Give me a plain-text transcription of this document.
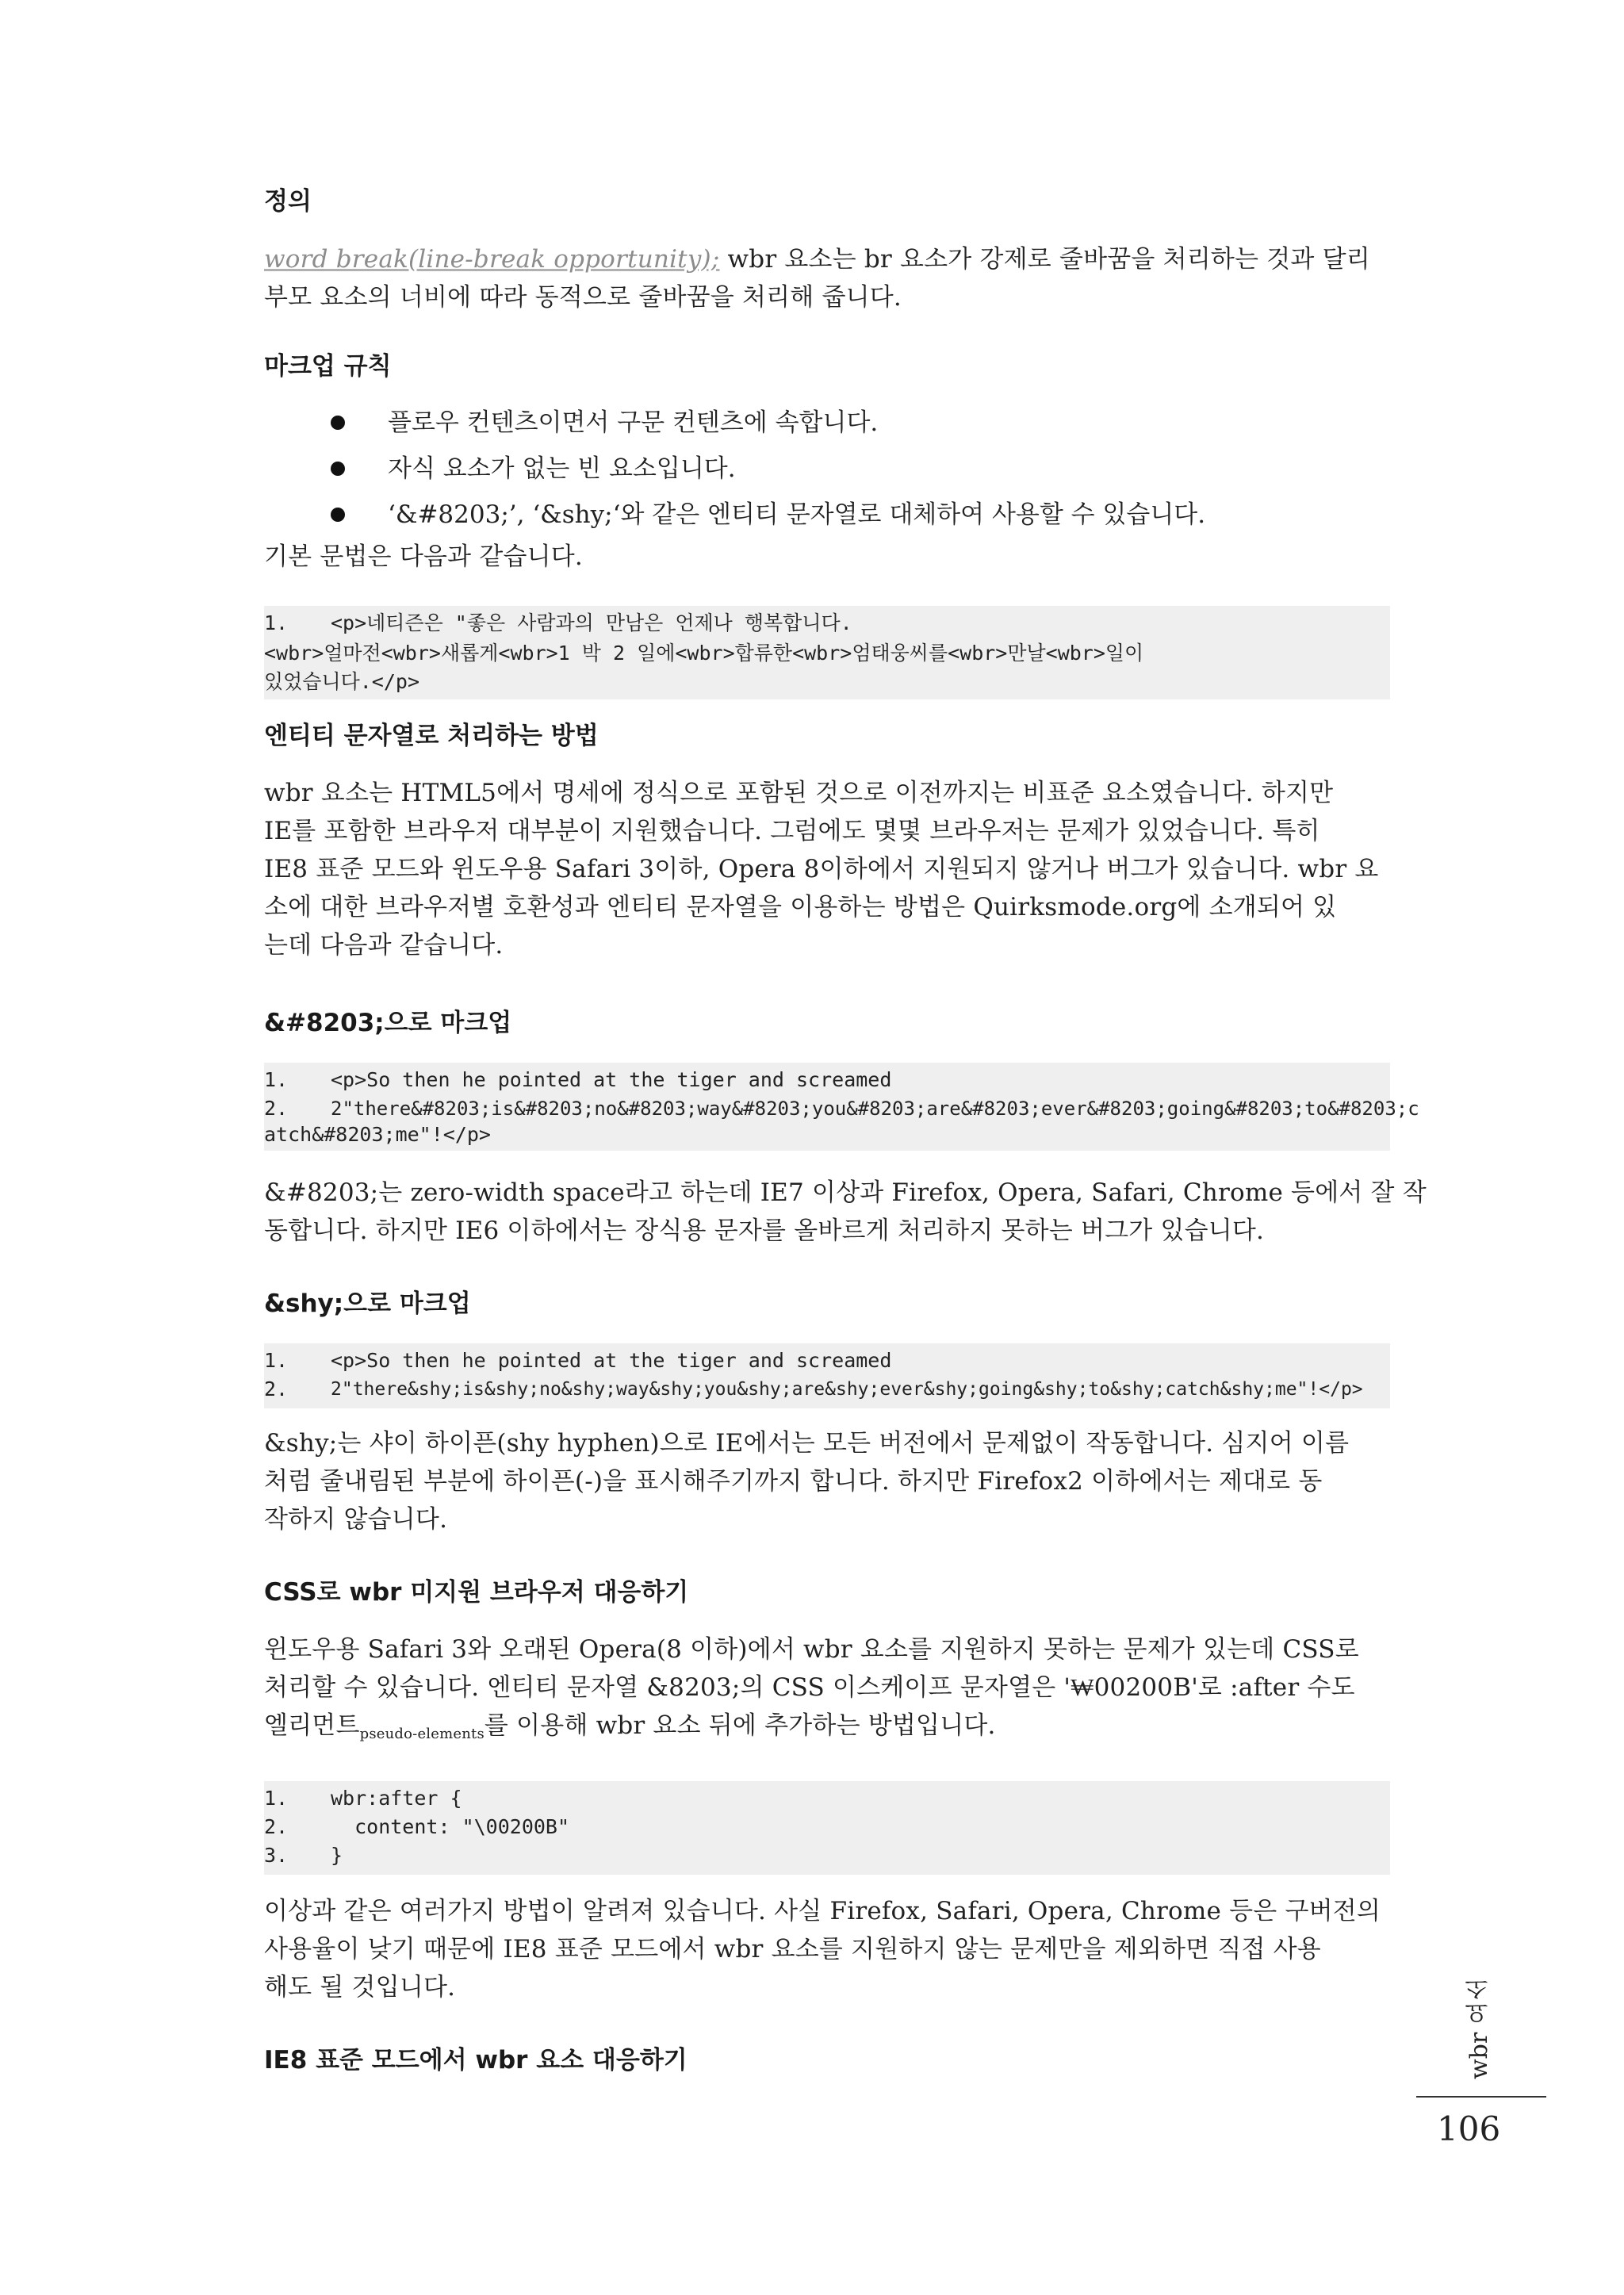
정의

word break(line-break opportunity); wbr 요소는 br 요소가 강제로 줄바꿈을 처리하는 것과 달리

부모 요소의 너비에 따라 동적으로 줄바꿈을 처리해 줍니다.

마크업 규칙
플로우 컨텐츠이면서 구문 컨텐츠에 속합니다.
자식 요소가 없는 빈 요소입니다.
‘&#8203;’, ‘&shy;‘와 같은 엔티티 문자열로 대체하여 사용할 수 있습니다.

기본 문법은 다음과 같습니다.

1.	<p>네티즌은 "좋은 사람과의 만남은 언제나 행복합니다.
<wbr>얼마전<wbr>새롭게<wbr>1 박 2 일에<wbr>합류한<wbr>엄태웅씨를<wbr>만날<wbr>일이
있었습니다.</p>
엔티티 문자열로 처리하는 방법

wbr 요소는 HTML5에서 명세에 정식으로 포함된 것으로 이전까지는 비표준 요소였습니다. 하지만

IE를 포함한 브라우저 대부분이 지원했습니다. 그럼에도 몇몇 브라우저는 문제가 있었습니다. 특히

IE8 표준 모드와 윈도우용 Safari 3이하, Opera 8이하에서 지원되지 않거나 버그가 있습니다. wbr 요

소에 대한 브라우저별 호환성과 엔티티 문자열을 이용하는 방법은 Quirksmode.org에 소개되어 있

는데 다음과 같습니다.

&#8203;으로 마크업
1.	<p>So then he pointed at the tiger and screamed
2.	2"there&#8203;is&#8203;no&#8203;way&#8203;you&#8203;are&#8203;ever&#8203;going&#8203;to&#8203;c
atch&#8203;me"!</p>

&#8203;는 zero-width space라고 하는데 IE7 이상과 Firefox, Opera, Safari, Chrome 등에서 잘 작

동합니다. 하지만 IE6 이하에서는 장식용 문자를 올바르게 처리하지 못하는 버그가 있습니다.

&shy;으로 마크업
1.	<p>So then he pointed at the tiger and screamed
2.	2"there&shy;is&shy;no&shy;way&shy;you&shy;are&shy;ever&shy;going&shy;to&shy;catch&shy;me"!</p>

&shy;는 샤이 하이픈(shy hyphen)으로 IE에서는 모든 버전에서 문제없이 작동합니다. 심지어 이름

처럼 줄내림된 부분에 하이픈(-)을 표시해주기까지 합니다. 하지만 Firefox2 이하에서는 제대로 동

작하지 않습니다.

CSS로 wbr 미지원 브라우저 대응하기

윈도우용 Safari 3와 오래된 Opera(8 이하)에서 wbr 요소를 지원하지 못하는 문제가 있는데 CSS로

처리할 수 있습니다. 엔티티 문자열 &8203;의 CSS 이스케이프 문자열은 '₩00200B'로 :after 수도

엘리먼트$_{pseudo-elements}$를 이용해 wbr 요소 뒤에 추가하는 방법입니다.

1.	wbr:after {
2.	content: "\00200B"
3.	}

이상과 같은 여러가지 방법이 알려져 있습니다. 사실 Firefox, Safari, Opera, Chrome 등은 구버전의

사용율이 낮기 때문에 IE8 표준 모드에서 wbr 요소를 지원하지 않는 문제만을 제외하면 직접 사용

해도 될 것입니다.

IE8 표준 모드에서 wbr 요소 대응하기	wbr 요소
106
